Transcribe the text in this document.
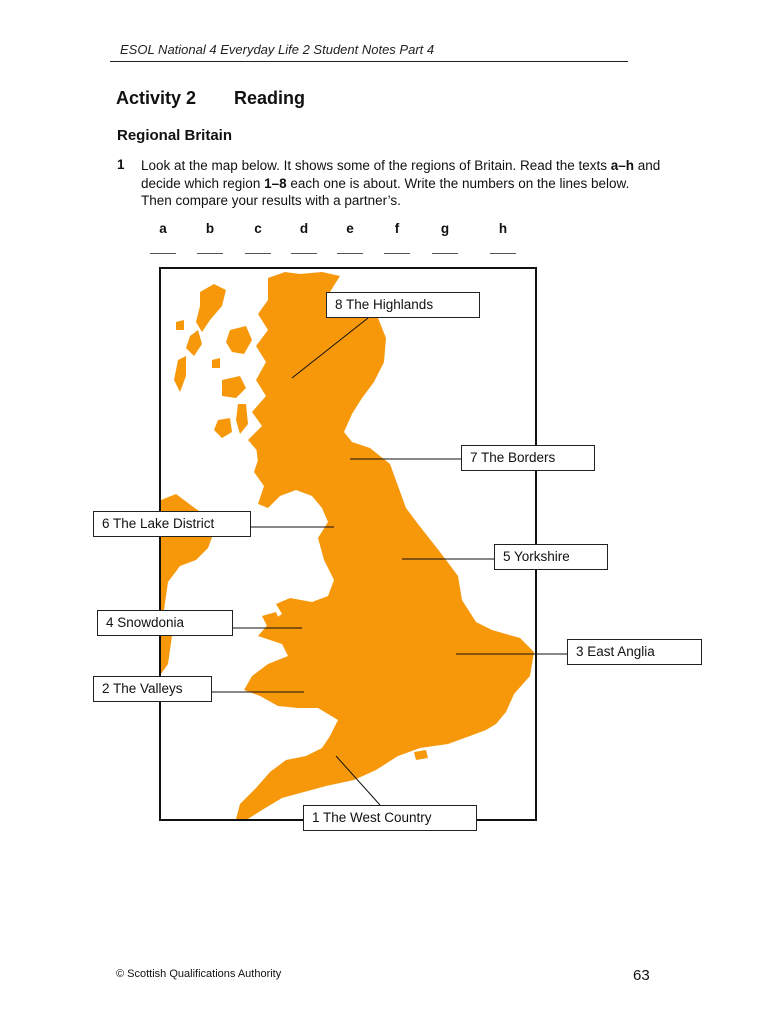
ESOL National 4 Everyday Life 2 Student Notes Part 4
Activity 2 Reading
Regional Britain
1 Look at the map below. It shows some of the regions of Britain. Read the texts a–h and decide which region 1–8 each one is about. Write the numbers on the lines below. Then compare your results with a partner’s.
a	b	c	d	e	f	g	h
8 The Highlands
7 The Borders
6 The Lake District
5 Yorkshire
4 Snowdonia
3 East Anglia
2 The Valleys
1 The West Country
© Scottish Qualifications Authority	63
